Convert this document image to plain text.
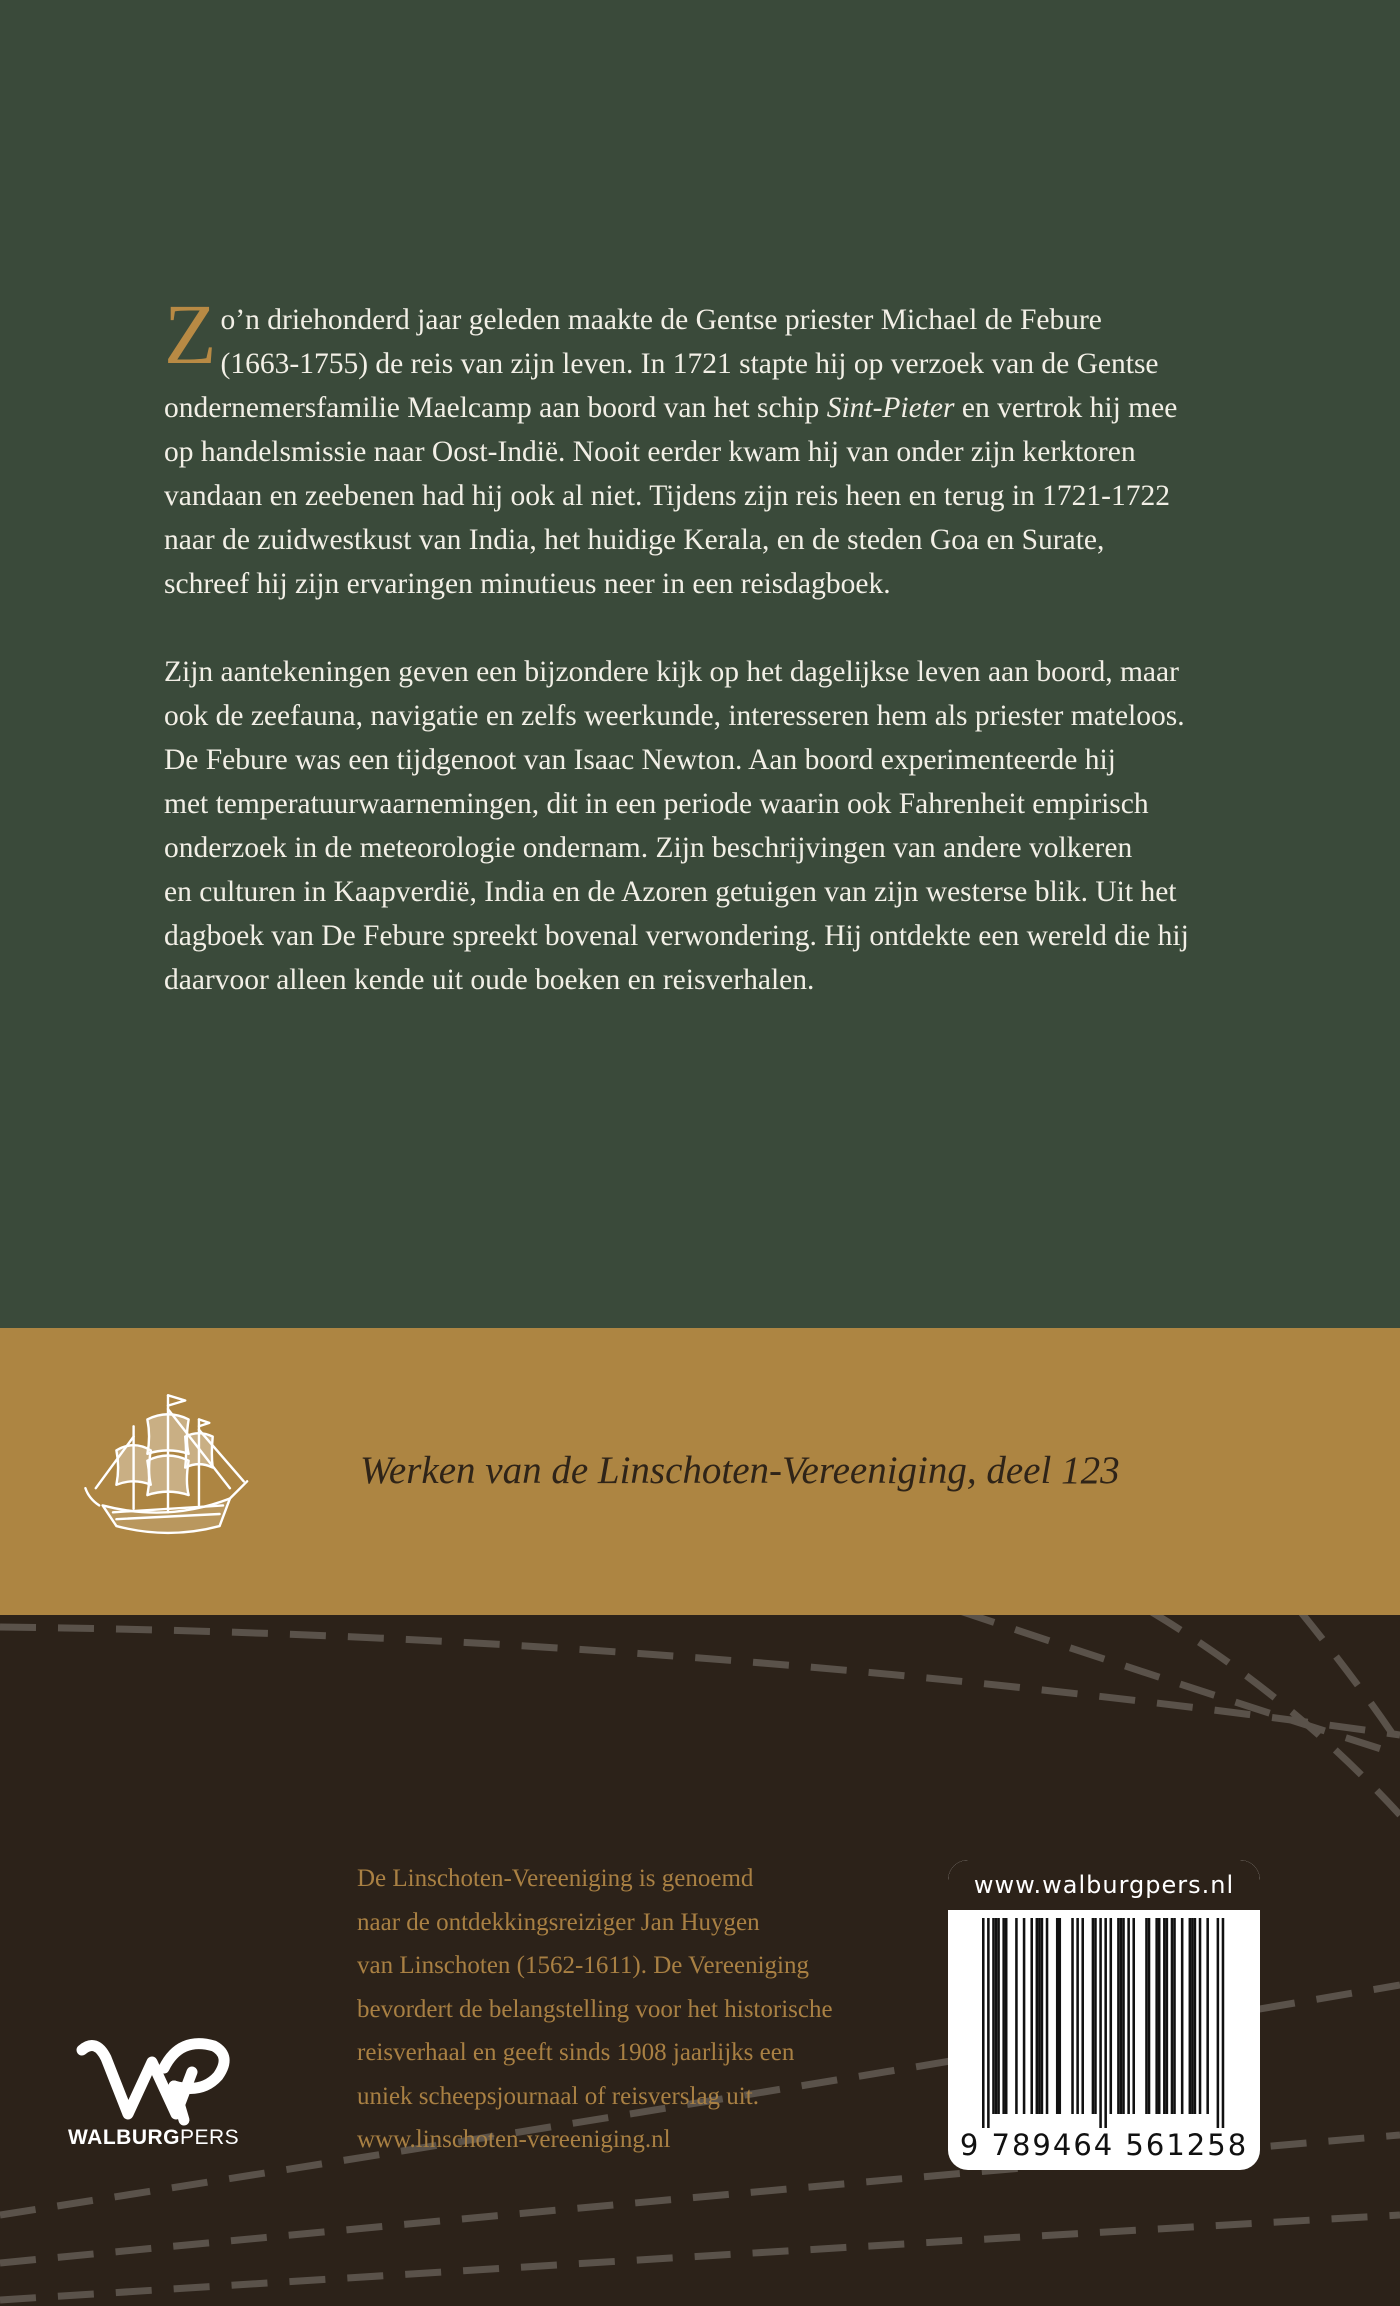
Zo’n driehonderd jaar geleden maakte de Gentse priester Michael de Febure
(1663-1755) de reis van zijn leven. In 1721 stapte hij op verzoek van de Gentse
ondernemersfamilie Maelcamp aan boord van het schip Sint-Pieter en vertrok hij mee
op handelsmissie naar Oost-Indië. Nooit eerder kwam hij van onder zijn kerktoren
vandaan en zeebenen had hij ook al niet. Tijdens zijn reis heen en terug in 1721-1722
naar de zuidwestkust van India, het huidige Kerala, en de steden Goa en Surate,
schreef hij zijn ervaringen minutieus neer in een reisdagboek.

Zijn aantekeningen geven een bijzondere kijk op het dagelijkse leven aan boord, maar
ook de zeefauna, navigatie en zelfs weerkunde, interesseren hem als priester mateloos.
De Febure was een tijdgenoot van Isaac Newton. Aan boord experimenteerde hij
met temperatuurwaarnemingen, dit in een periode waarin ook Fahrenheit empirisch
onderzoek in de meteorologie ondernam. Zijn beschrijvingen van andere volkeren
en culturen in Kaapverdië, India en de Azoren getuigen van zijn westerse blik. Uit het
dagboek van De Febure spreekt bovenal verwondering. Hij ontdekte een wereld die hij
daarvoor alleen kende uit oude boeken en reisverhalen.

Werken van de Linschoten-Vereeniging, deel 123

De Linschoten-Vereeniging is genoemd
naar de ontdekkingsreiziger Jan Huygen
van Linschoten (1562-1611). De Vereeniging
bevordert de belangstelling voor het historische
reisverhaal en geeft sinds 1908 jaarlijks een
uniek scheepsjournaal of reisverslag uit.
www.linschoten-vereeniging.nl

WALBURGPERS
www.walburgpers.nl

9 789464 561258
